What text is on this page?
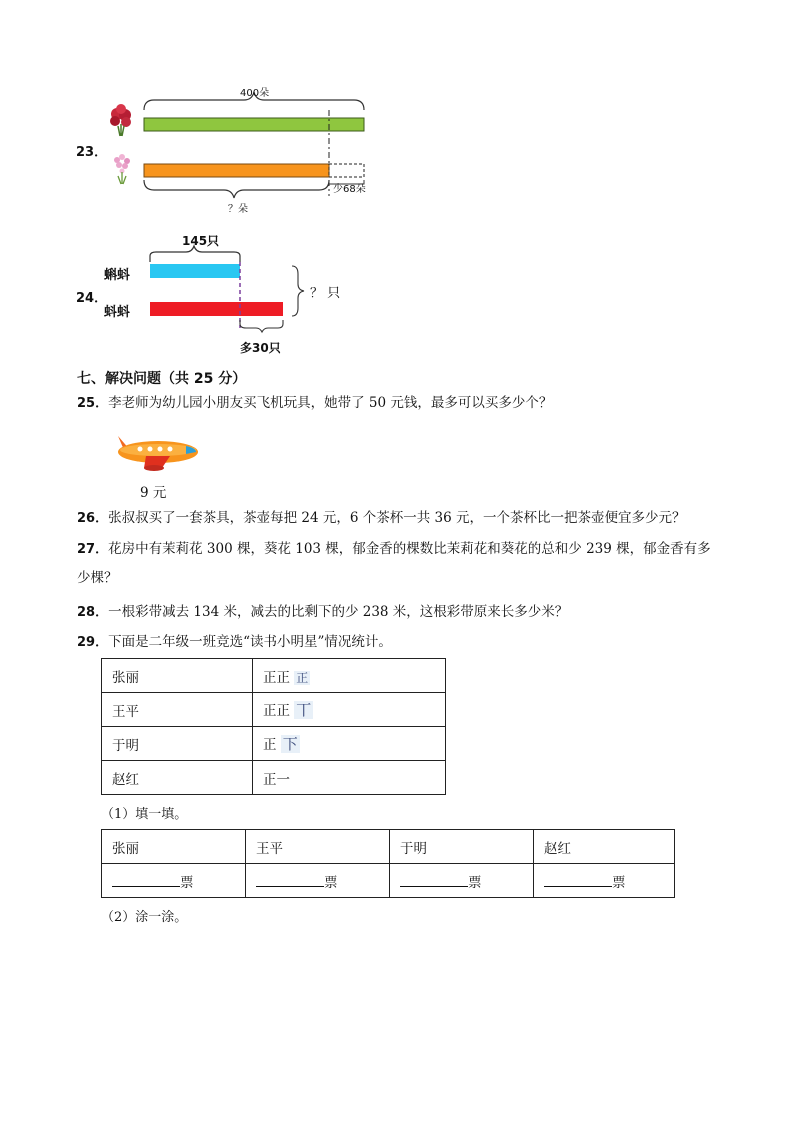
23．
400朵
少68朵
？朵
24．
蝌蚪
蚪蚪
145只
？ 只
多30只
七、解决问题（共 25 分）
25．李老师为幼儿园小朋友买飞机玩具，她带了 50 元钱，最多可以买多少个？
9 元
26．张叔叔买了一套茶具，茶壶每把 24 元，6 个茶杯一共 36 元，一个茶杯比一把茶壶便宜多少元？
27．花房中有茉莉花 300 棵，葵花 103 棵，郁金香的棵数比茉莉花和葵花的总和少 239 棵，郁金香有多
少棵？
28．一根彩带减去 134 米，减去的比剩下的少 238 米，这根彩带原来长多少米？
29．下面是二年级一班竞选“读书小明星”情况统计。
张丽	正正 正
王平	正正 丅
于明	正 下
赵红	正一
（1）填一填。
张丽	王平	于明	赵红
票	票	票	票
（2）涂一涂。
